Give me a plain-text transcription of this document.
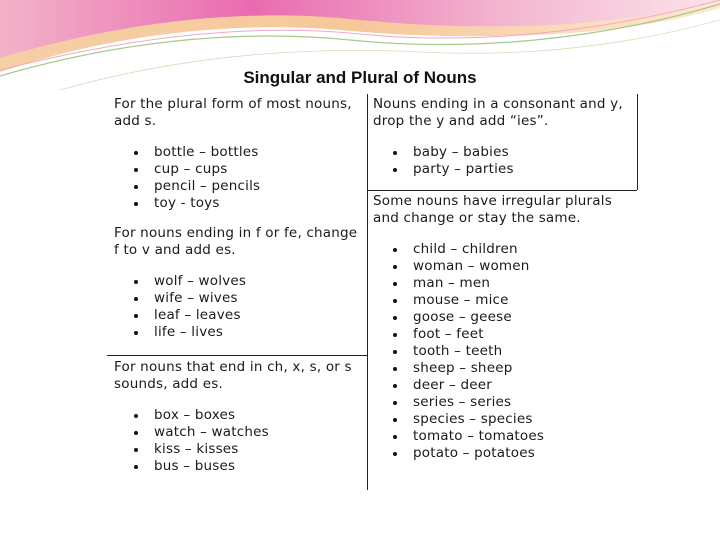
Singular and Plural of Nouns

For the plural form of most nouns, add s.

bottle – bottles
cup – cups
pencil – pencils
toy - toys

For nouns ending in f or fe, change f to v and add es.

wolf – wolves
wife – wives
leaf – leaves
life – lives

For nouns that end in ch, x, s, or s sounds, add es.

box – boxes
watch – watches
kiss – kisses
bus – buses

Nouns ending in a consonant and y, drop the y and add “ies”.

baby – babies
party – parties

Some nouns have irregular plurals and change or stay the same.

child – children
woman – women
man – men
mouse – mice
goose – geese
foot – feet
tooth – teeth
sheep – sheep
deer – deer
series – series
species – species
tomato – tomatoes
potato – potatoes
